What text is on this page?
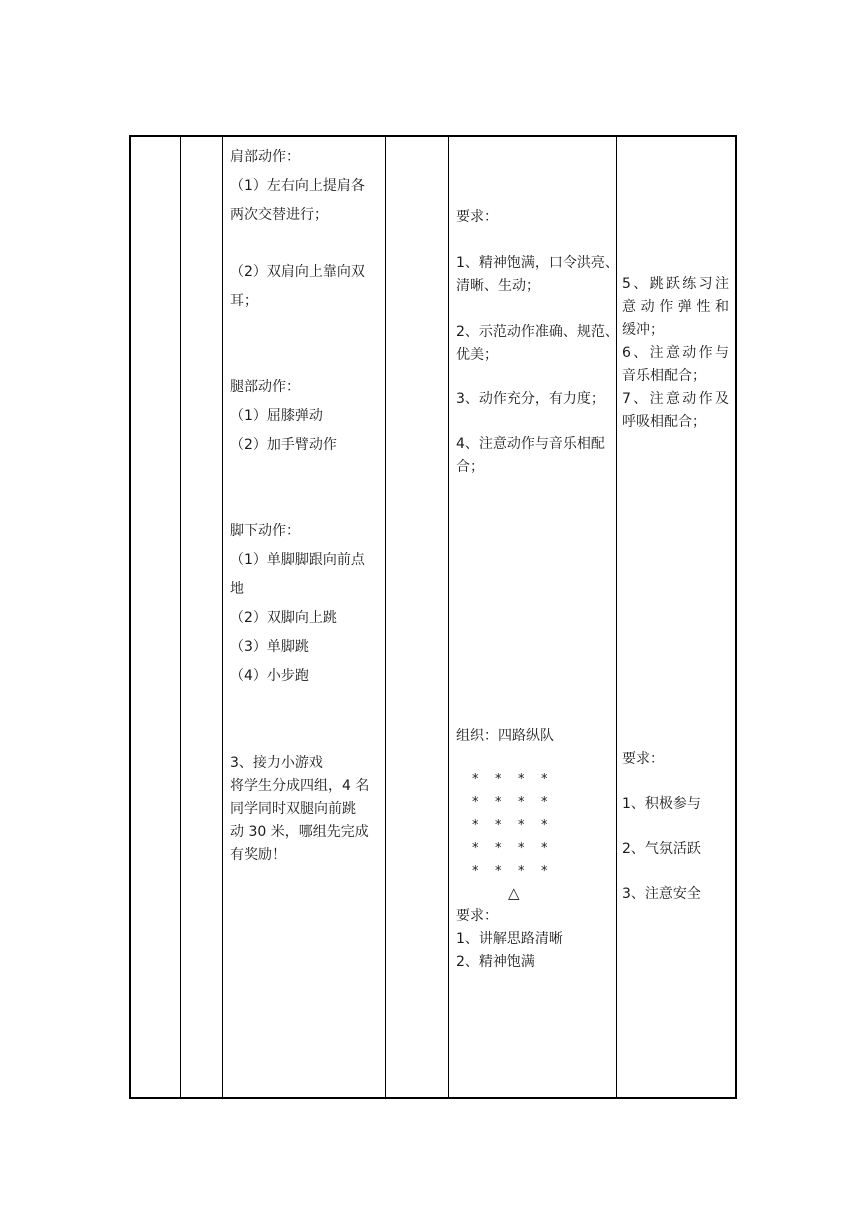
肩部动作：
（1）左右向上提肩各
两次交替进行；
（2）双肩向上靠向双
耳；
腿部动作：
（1）屈膝弹动
（2）加手臂动作
脚下动作：
（1）单脚脚跟向前点
地
（2）双脚向上跳
（3）单脚跳
（4）小步跑
3、接力小游戏
将学生分成四组，4 名
同学同时双腿向前跳
动 30 米，哪组先完成
有奖励！
要求：
1、精神饱满，口令洪亮、
清晰、生动；
2、示范动作准确、规范、
优美；
3、动作充分，有力度；
4、注意动作与音乐相配
合；
组织：四路纵队
* * * *
* * * *
* * * *
* * * *
* * * *
△
要求：
1、讲解思路清晰
2、精神饱满
5、跳跃练习注
意动作弹性和
缓冲；
6、注意动作与
音乐相配合；
7、注意动作及
呼吸相配合；
要求：
1、积极参与
2、气氛活跃
3、注意安全
